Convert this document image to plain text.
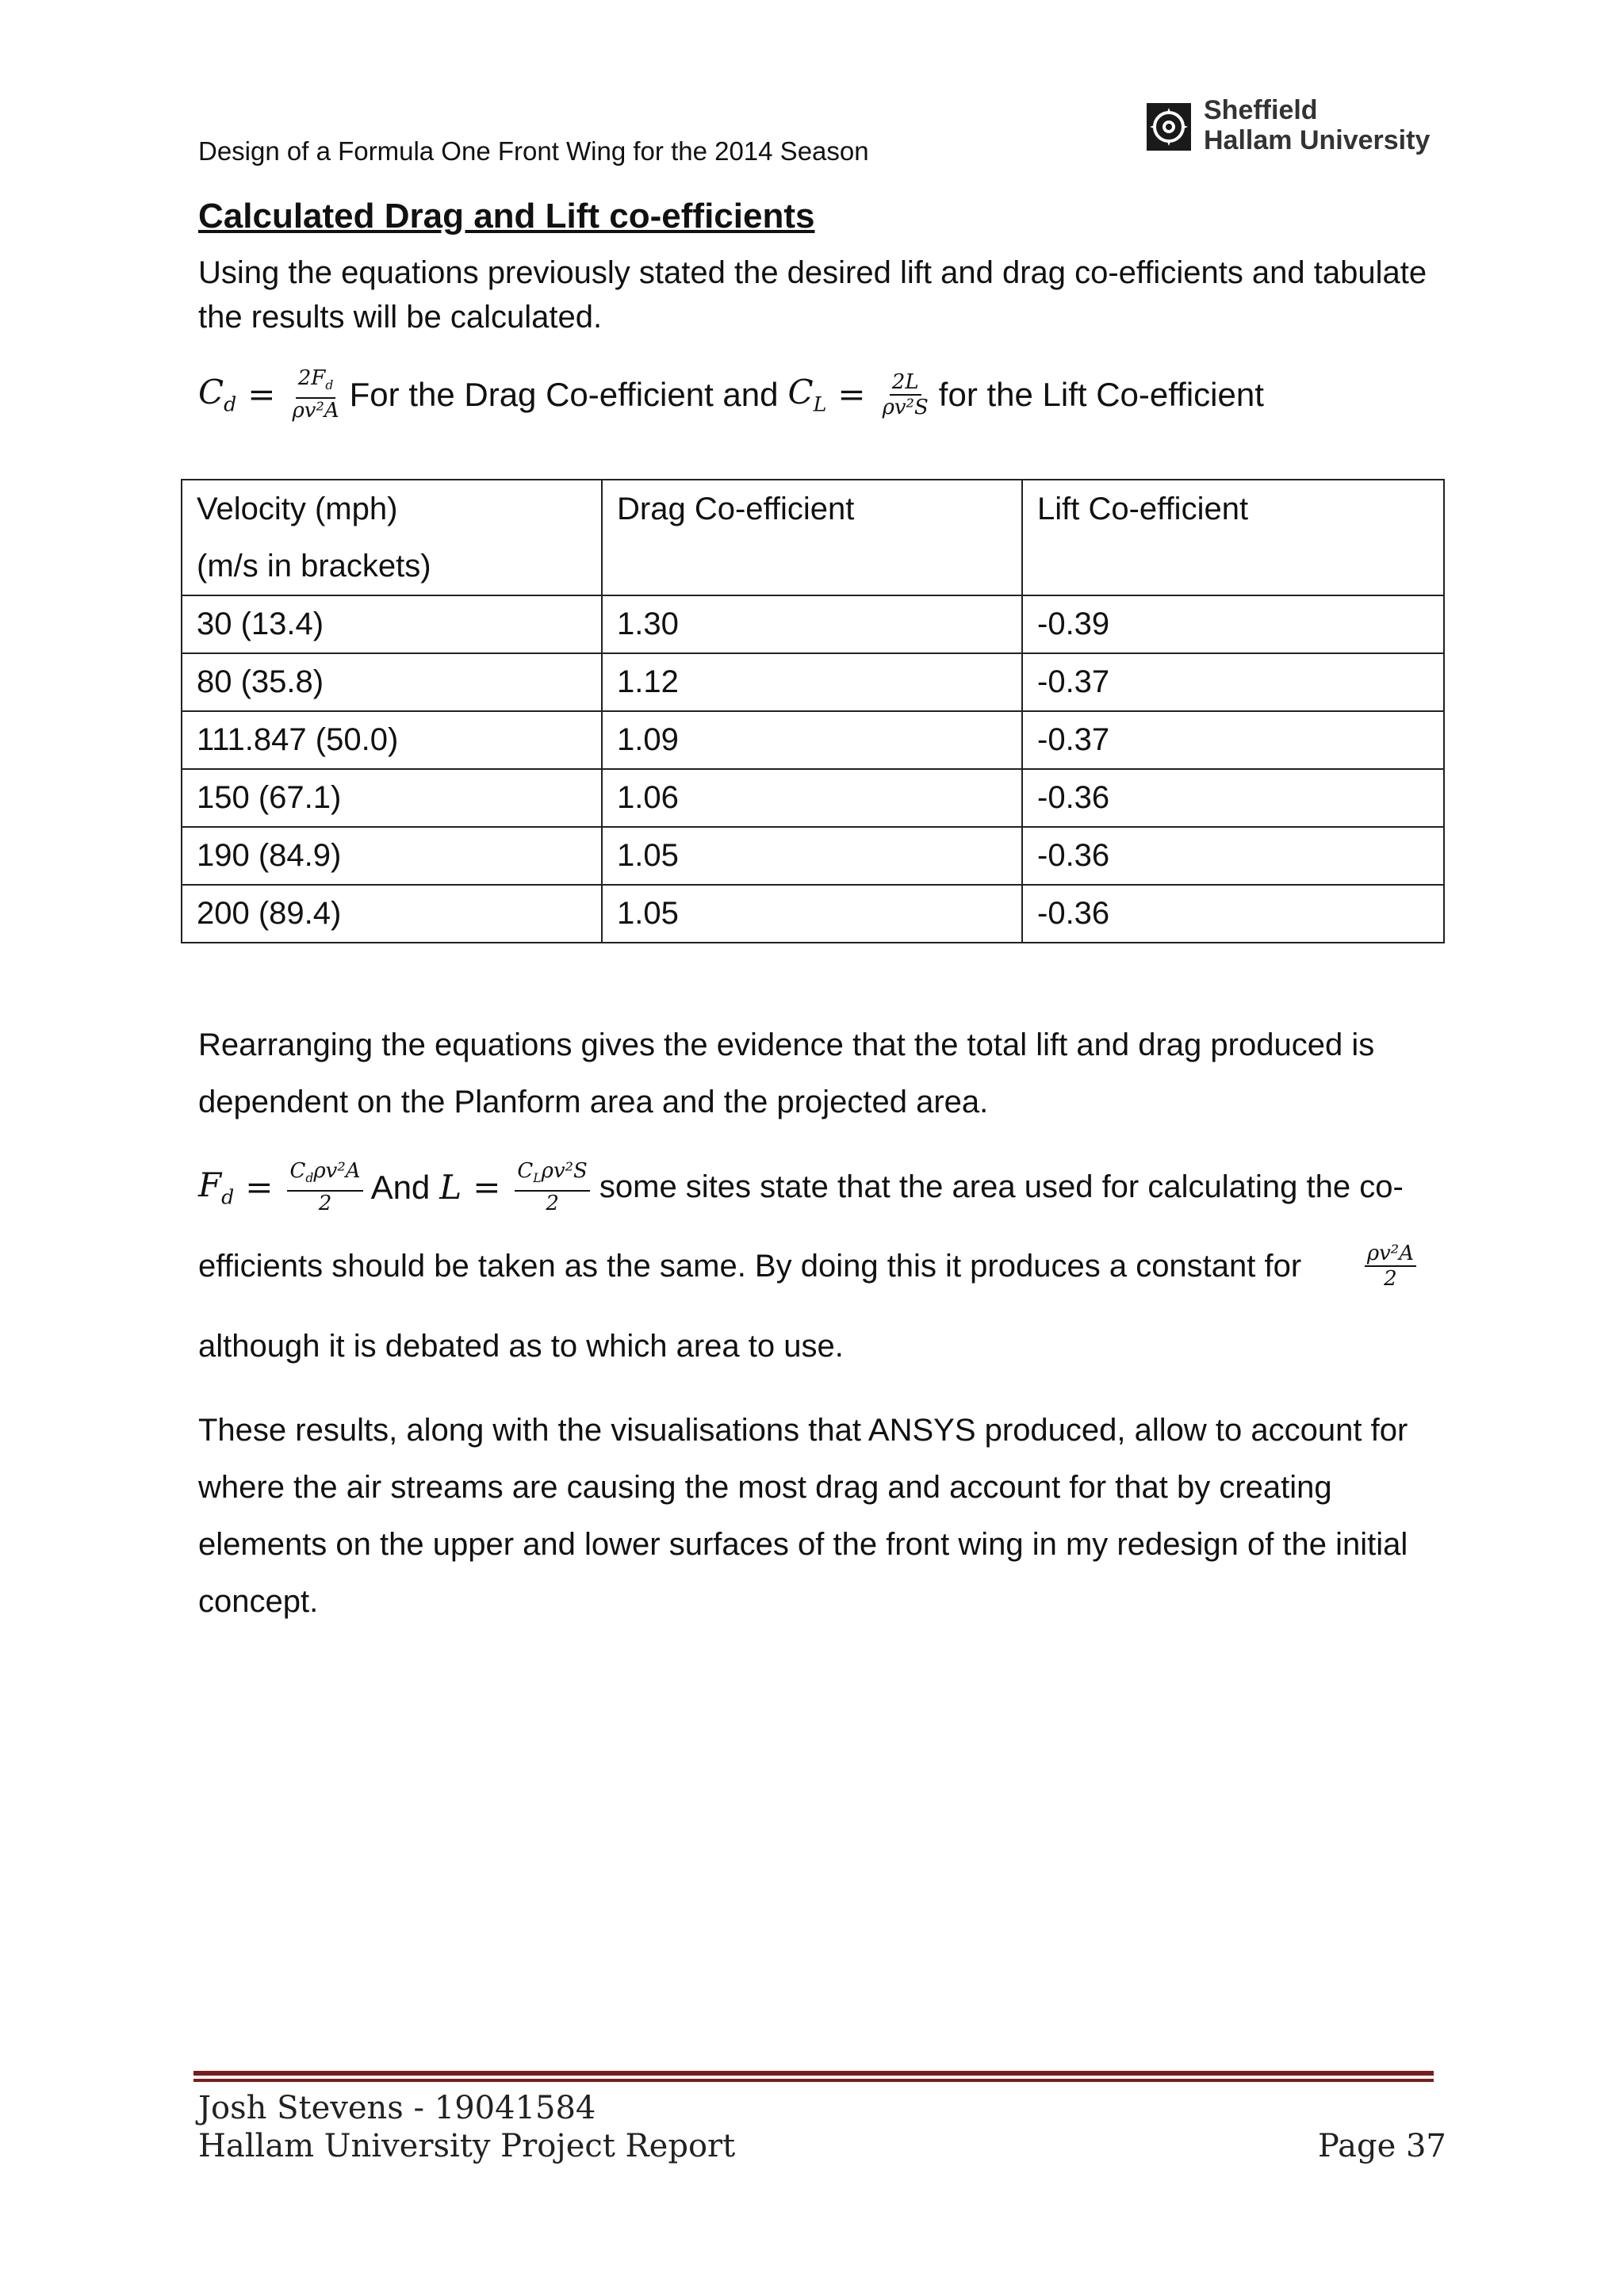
Design of a Formula One Front Wing for the 2014 Season
Sheffield
Hallam University
Calculated Drag and Lift co-efficients
Using the equations previously stated the desired lift and drag co-efficients and tabulate the results will be calculated.
$C_d = \frac{2F_d}{\text{ρv²A}}$ For the Drag Co-efficient and $C_L = \frac{2L}{\text{ρv²S}}$ for the Lift Co-efficient
Velocity (mph)
(m/s in brackets)	Drag Co-efficient	Lift Co-efficient
30 (13.4)	1.30	-0.39
80 (35.8)	1.12	-0.37
111.847 (50.0)	1.09	-0.37
150 (67.1)	1.06	-0.36
190 (84.9)	1.05	-0.36
200 (89.4)	1.05	-0.36
Rearranging the equations gives the evidence that the total lift and drag produced is dependent on the Planform area and the projected area.
$F_d = \frac{C_d\rho v^2A}{2}$ And $L = \frac{C_L\rho v^2S}{2}$ some sites state that the area used for calculating the co-
efficients should be taken as the same. By doing this it produces a constant for	$\frac{\text{ρv²A}}{2}$
although it is debated as to which area to use.
These results, along with the visualisations that ANSYS produced, allow to account for where the air streams are causing the most drag and account for that by creating elements on the upper and lower surfaces of the front wing in my redesign of the initial concept.
Josh Stevens - 19041584
Hallam University Project Report	Page 37
